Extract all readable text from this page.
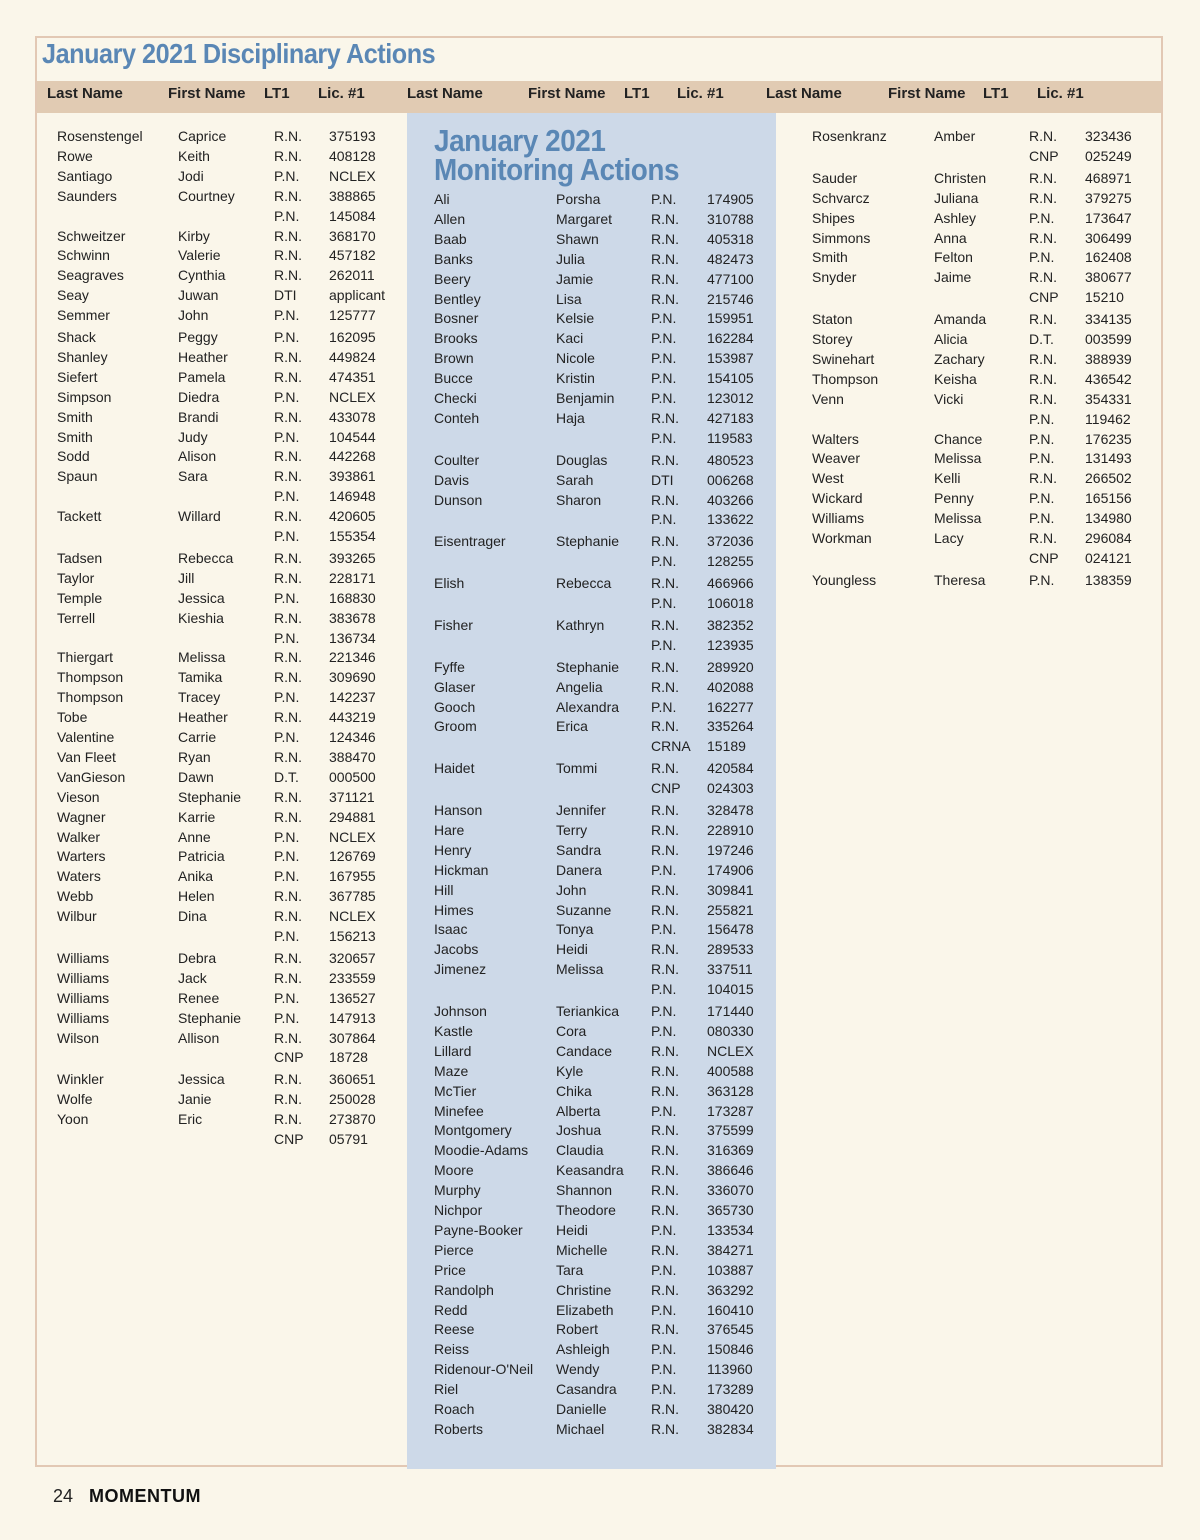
January 2021 Disciplinary Actions
Last Name	First Name LT1 Lic. #1	Last Name	First Name LT1 Lic. #1	Last Name	First Name LT1 Lic. #1
January 2021 Monitoring Actions
Rosenstengel	Caprice	R.N. 375193
Rowe	Keith	R.N. 408128
Santiago	Jodi	P.N. NCLEX
Saunders	Courtney	R.N. 388865
P.N. 145084
Schweitzer	Kirby	R.N. 368170
Schwinn	Valerie	R.N. 457182
Seagraves	Cynthia	R.N. 262011
Seay	Juwan	DTI applicant
Semmer	John	P.N. 125777
Shack	Peggy	P.N. 162095
Shanley	Heather	R.N. 449824
Siefert	Pamela	R.N. 474351
Simpson	Diedra	P.N. NCLEX
Smith	Brandi	R.N. 433078
Smith	Judy	P.N. 104544
Sodd	Alison	R.N. 442268
Spaun	Sara	R.N. 393861
P.N. 146948
Tackett	Willard	R.N. 420605
P.N. 155354
Tadsen	Rebecca	R.N. 393265
Taylor	Jill	R.N. 228171
Temple	Jessica	P.N. 168830
Terrell	Kieshia	R.N. 383678
P.N. 136734
Thiergart	Melissa	R.N. 221346
Thompson	Tamika	R.N. 309690
Thompson	Tracey	P.N. 142237
Tobe	Heather	R.N. 443219
Valentine	Carrie	P.N. 124346
Van Fleet	Ryan	R.N. 388470
VanGieson	Dawn	D.T. 000500
Vieson	Stephanie R.N. 371121
Wagner	Karrie	R.N. 294881
Walker	Anne	P.N. NCLEX
Warters	Patricia	P.N. 126769
Waters	Anika	P.N. 167955
Webb	Helen	R.N. 367785
Wilbur	Dina	R.N. NCLEX
P.N. 156213
Williams	Debra	R.N. 320657
Williams	Jack	R.N. 233559
Williams	Renee	P.N. 136527
Williams	Stephanie P.N. 147913
Wilson	Allison	R.N. 307864
CNP 18728
Winkler	Jessica	R.N. 360651
Wolfe	Janie	R.N. 250028
Yoon	Eric	R.N. 273870
CNP 05791
Ali	Porsha	P.N. 174905
Allen	Margaret	R.N. 310788
Baab	Shawn	R.N. 405318
Banks	Julia	R.N. 482473
Beery	Jamie	R.N. 477100
Bentley	Lisa	R.N. 215746
Bosner	Kelsie	P.N. 159951
Brooks	Kaci	P.N. 162284
Brown	Nicole	P.N. 153987
Bucce	Kristin	P.N. 154105
Checki	Benjamin	P.N. 123012
Conteh	Haja	R.N. 427183
P.N. 119583
Coulter	Douglas	R.N. 480523
Davis	Sarah	DTI 006268
Dunson	Sharon	R.N. 403266
P.N. 133622
Eisentrager	Stephanie R.N. 372036
P.N. 128255
Elish	Rebecca	R.N. 466966
P.N. 106018
Fisher	Kathryn	R.N. 382352
P.N. 123935
Fyffe	Stephanie R.N. 289920
Glaser	Angelia	R.N. 402088
Gooch	Alexandra P.N. 162277
Groom	Erica	R.N. 335264
CRNA 15189
Haidet	Tommi	R.N. 420584
CNP 024303
Hanson	Jennifer	R.N. 328478
Hare	Terry	R.N. 228910
Henry	Sandra	R.N. 197246
Hickman	Danera	P.N. 174906
Hill	John	R.N. 309841
Himes	Suzanne	R.N. 255821
Isaac	Tonya	P.N. 156478
Jacobs	Heidi	R.N. 289533
Jimenez	Melissa	R.N. 337511
P.N. 104015
Johnson	Teriankica P.N. 171440
Kastle	Cora	P.N. 080330
Lillard	Candace	R.N. NCLEX
Maze	Kyle	R.N. 400588
McTier	Chika	R.N. 363128
Minefee	Alberta	P.N. 173287
Montgomery	Joshua	R.N. 375599
Moodie-Adams Claudia	R.N. 316369
Moore	Keasandra R.N. 386646
Murphy	Shannon	R.N. 336070
Nichpor	Theodore	R.N. 365730
Payne-Booker Heidi	P.N. 133534
Pierce	Michelle	R.N. 384271
Price	Tara	P.N. 103887
Randolph	Christine	R.N. 363292
Redd	Elizabeth	P.N. 160410
Reese	Robert	R.N. 376545
Reiss	Ashleigh	P.N. 150846
Ridenour-O'Neil Wendy	P.N. 113960
Riel	Casandra P.N. 173289
Roach	Danielle	R.N. 380420
Roberts	Michael	R.N. 382834
Rosenkranz	Amber	R.N. 323436
CNP 025249
Sauder	Christen	R.N. 468971
Schvarcz	Juliana	R.N. 379275
Shipes	Ashley	P.N. 173647
Simmons	Anna	R.N. 306499
Smith	Felton	P.N. 162408
Snyder	Jaime	R.N. 380677
CNP 15210
Staton	Amanda	R.N. 334135
Storey	Alicia	D.T. 003599
Swinehart	Zachary	R.N. 388939
Thompson	Keisha	R.N. 436542
Venn	Vicki	R.N. 354331
P.N. 119462
Walters	Chance	P.N. 176235
Weaver	Melissa	P.N. 131493
West	Kelli	R.N. 266502
Wickard	Penny	P.N. 165156
Williams	Melissa	P.N. 134980
Workman	Lacy	R.N. 296084
CNP 024121
Youngless	Theresa	P.N. 138359
24 MOMENTUM
